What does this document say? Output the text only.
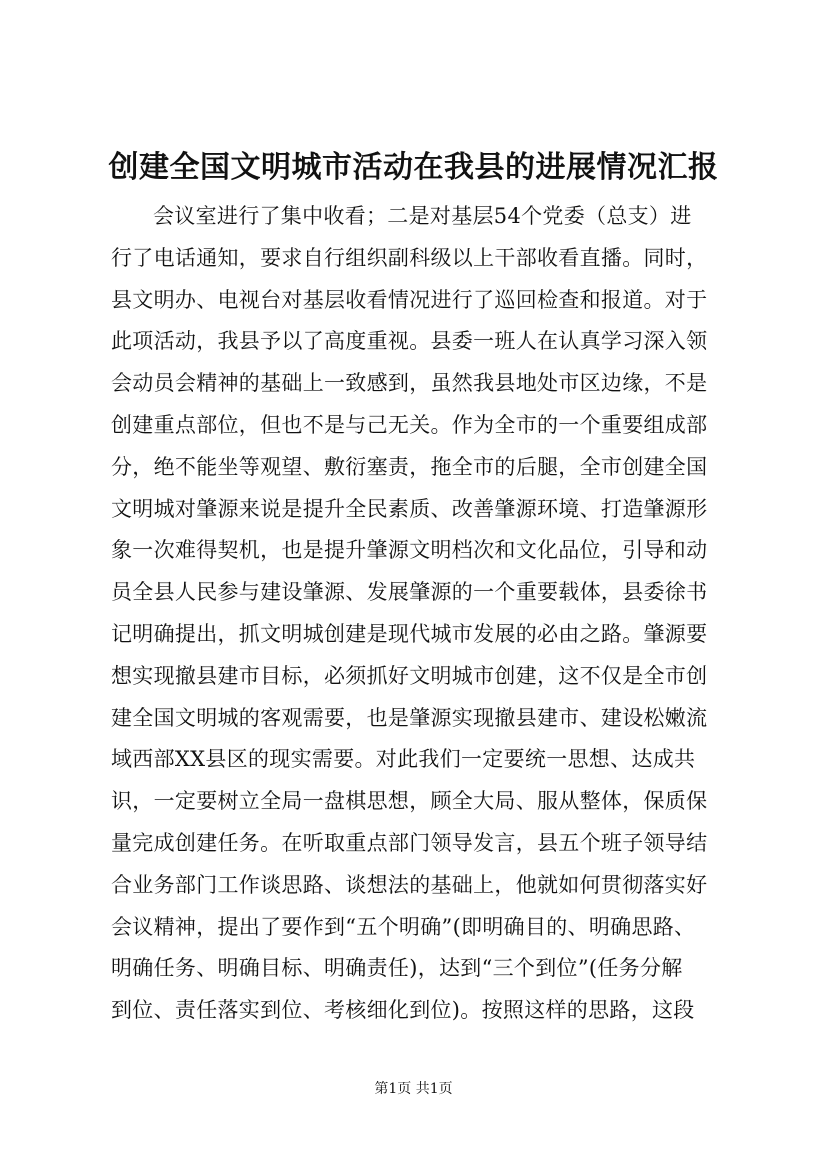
创建全国文明城市活动在我县的进展情况汇报
会议室进行了集中收看；二是对基层54个党委（总支）进
行了电话通知，要求自行组织副科级以上干部收看直播。同时，
县文明办、电视台对基层收看情况进行了巡回检查和报道。对于
此项活动，我县予以了高度重视。县委一班人在认真学习深入领
会动员会精神的基础上一致感到，虽然我县地处市区边缘，不是
创建重点部位，但也不是与己无关。作为全市的一个重要组成部
分，绝不能坐等观望、敷衍塞责，拖全市的后腿，全市创建全国
文明城对肇源来说是提升全民素质、改善肇源环境、打造肇源形
象一次难得契机，也是提升肇源文明档次和文化品位，引导和动
员全县人民参与建设肇源、发展肇源的一个重要载体，县委徐书
记明确提出，抓文明城创建是现代城市发展的必由之路。肇源要
想实现撤县建市目标，必须抓好文明城市创建，这不仅是全市创
建全国文明城的客观需要，也是肇源实现撤县建市、建设松嫩流
域西部XX县区的现实需要。对此我们一定要统一思想、达成共
识，一定要树立全局一盘棋思想，顾全大局、服从整体，保质保
量完成创建任务。在听取重点部门领导发言，县五个班子领导结
合业务部门工作谈思路、谈想法的基础上，他就如何贯彻落实好
会议精神，提出了要作到“五个明确”(即明确目的、明确思路、
明确任务、明确目标、明确责任)，达到“三个到位”(任务分解
到位、责任落实到位、考核细化到位)。按照这样的思路，这段
第1页 共1页
